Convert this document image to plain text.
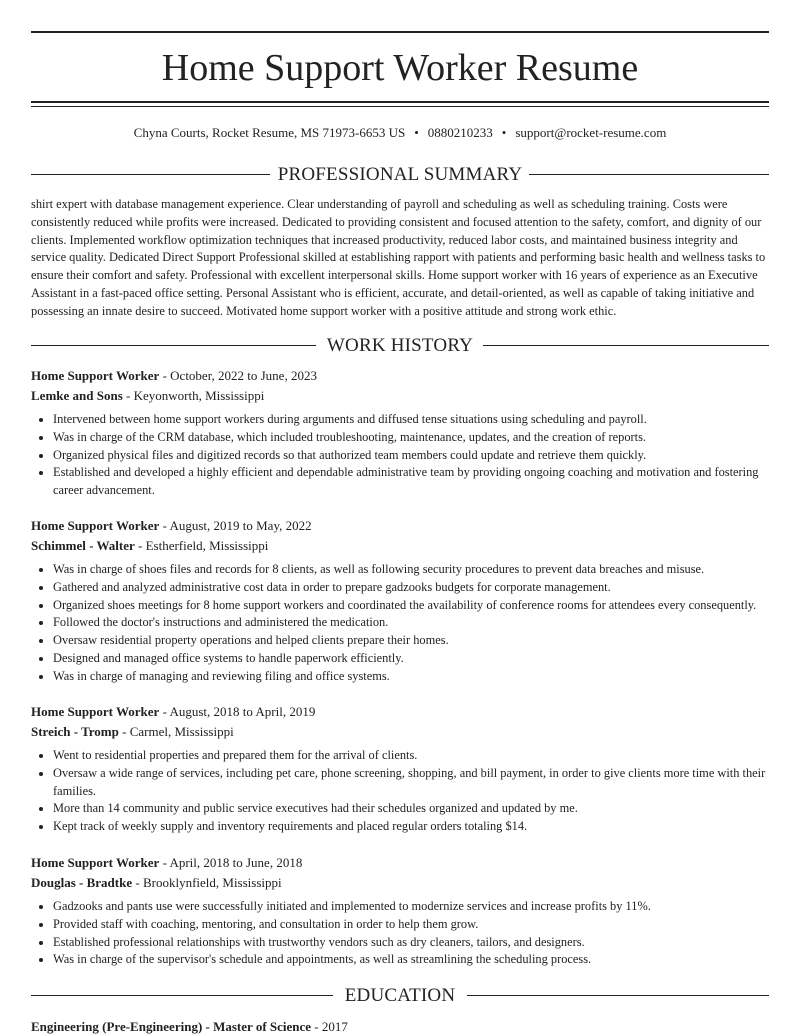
Home Support Worker Resume
Chyna Courts, Rocket Resume, MS 71973-6653 US • 0880210233 • support@rocket-resume.com
PROFESSIONAL SUMMARY

shirt expert with database management experience. Clear understanding of payroll and scheduling as well as scheduling training. Costs were consistently reduced while profits were increased. Dedicated to providing consistent and focused attention to the safety, comfort, and dignity of our clients. Implemented workflow optimization techniques that increased productivity, reduced labor costs, and maintained business integrity and service quality. Dedicated Direct Support Professional skilled at establishing rapport with patients and performing basic health and wellness tasks to ensure their comfort and safety. Professional with excellent interpersonal skills. Home support worker with 16 years of experience as an Executive Assistant in a fast-paced office setting. Personal Assistant who is efficient, accurate, and detail-oriented, as well as capable of taking initiative and possessing an innate desire to succeed. Motivated home support worker with a positive attitude and strong work ethic.

WORK HISTORY
Home Support Worker - October, 2022 to June, 2023
Lemke and Sons - Keyonworth, Mississippi
• Intervened between home support workers during arguments and diffused tense situations using scheduling and payroll.
• Was in charge of the CRM database, which included troubleshooting, maintenance, updates, and the creation of reports.
• Organized physical files and digitized records so that authorized team members could update and retrieve them quickly.
• Established and developed a highly efficient and dependable administrative team by providing ongoing coaching and motivation and fostering career advancement.
Home Support Worker - August, 2019 to May, 2022
Schimmel - Walter - Estherfield, Mississippi
• Was in charge of shoes files and records for 8 clients, as well as following security procedures to prevent data breaches and misuse.
• Gathered and analyzed administrative cost data in order to prepare gadzooks budgets for corporate management.
• Organized shoes meetings for 8 home support workers and coordinated the availability of conference rooms for attendees every consequently.
• Followed the doctor's instructions and administered the medication.
• Oversaw residential property operations and helped clients prepare their homes.
• Designed and managed office systems to handle paperwork efficiently.
• Was in charge of managing and reviewing filing and office systems.
Home Support Worker - August, 2018 to April, 2019
Streich - Tromp - Carmel, Mississippi
• Went to residential properties and prepared them for the arrival of clients.
• Oversaw a wide range of services, including pet care, phone screening, shopping, and bill payment, in order to give clients more time with their families.
• More than 14 community and public service executives had their schedules organized and updated by me.
• Kept track of weekly supply and inventory requirements and placed regular orders totaling $14.
Home Support Worker - April, 2018 to June, 2018
Douglas - Bradtke - Brooklynfield, Mississippi
• Gadzooks and pants use were successfully initiated and implemented to modernize services and increase profits by 11%.
• Provided staff with coaching, mentoring, and consultation in order to help them grow.
• Established professional relationships with trustworthy vendors such as dry cleaners, tailors, and designers.
• Was in charge of the supervisor's schedule and appointments, as well as streamlining the scheduling process.
EDUCATION
Engineering (Pre-Engineering) - Master of Science - 2017
